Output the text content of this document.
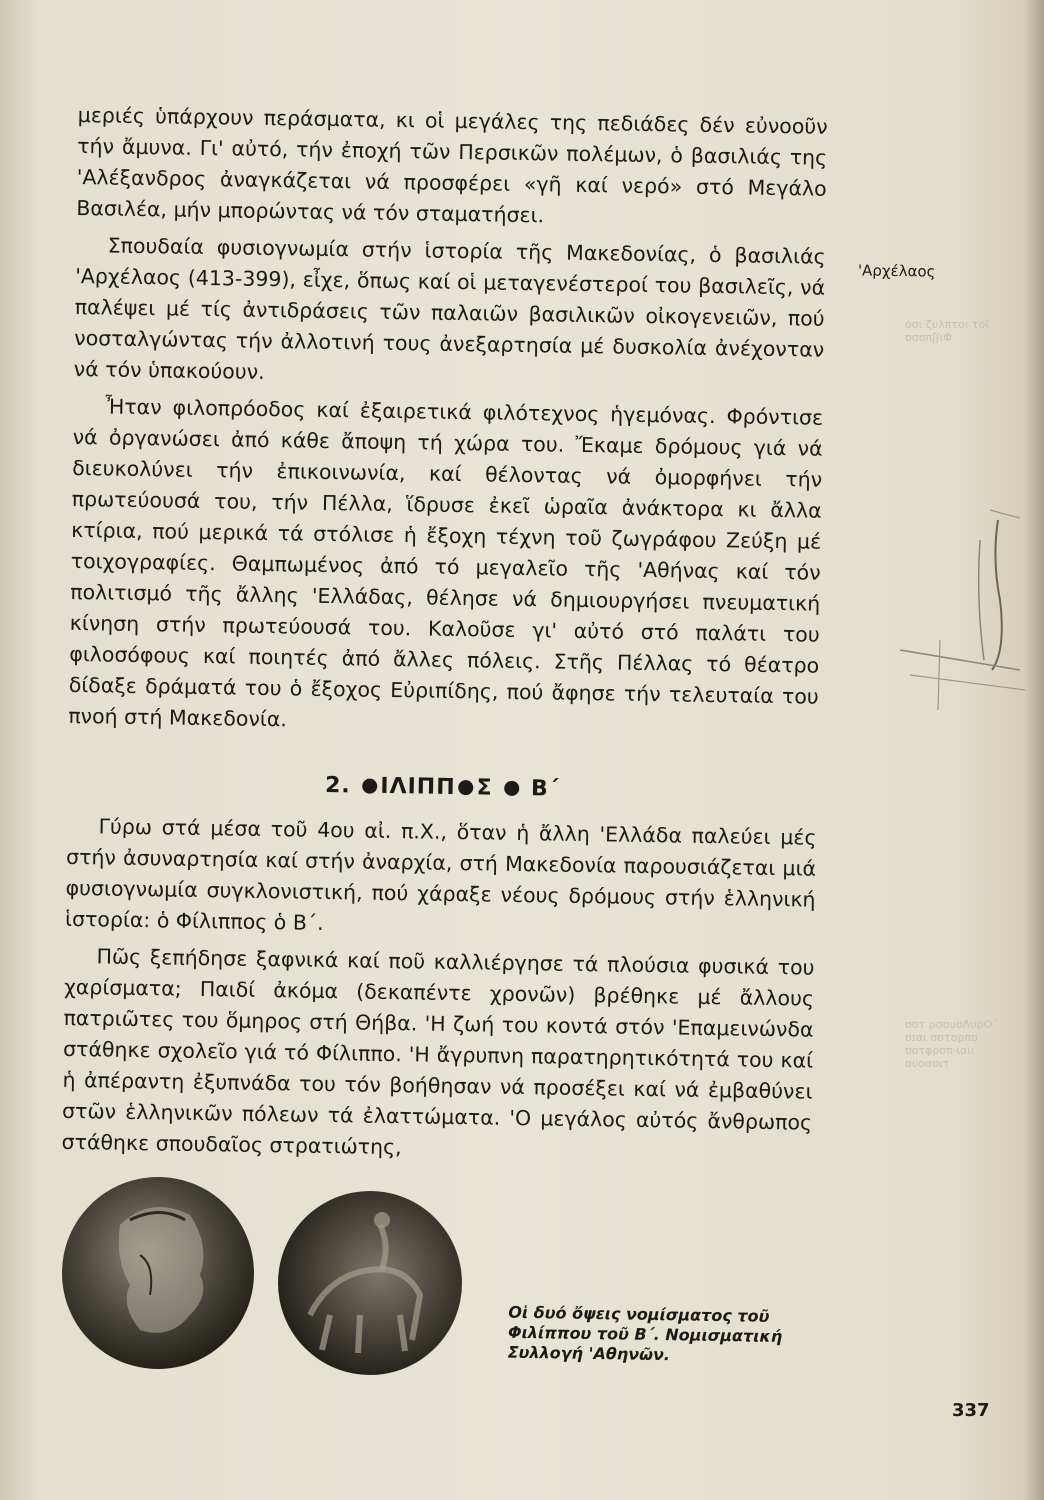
ὸσι ζυλπτοι τοϊ
ʊσʊπʃʃιΦ
ʊʊτ ρσʊυʊΛυρΟ΄
ʊɪαι ʊʊτʊρπʊ
ʊοτφρʊπ·ιαιι
ʊυοαʊιτ

μεριές ὑπάρχουν περάσματα, κι οἱ μεγάλες της πεδιάδες δέν εὐνοοῦν τήν ἄμυνα. Γι' αὐτό, τήν ἐποχή τῶν Περσικῶν πολέμων, ὁ βασιλιάς της 'Αλέξανδρος ἀναγκάζεται νά προσφέρει «γῆ καί νερό» στό Μεγάλο Βασιλέα, μήν μπορώντας νά τόν σταματήσει.

Σπουδαία φυσιογνωμία στήν ἱστορία τῆς Μακεδονίας, ὁ βασιλιάς 'Αρχέλαος (413-399), εἶχε, ὅπως καί οἱ μεταγενέστεροί του βασιλεῖς, νά παλέψει μέ τίς ἀντιδράσεις τῶν παλαιῶν βασιλικῶν οἰκογενειῶν, πού νοσταλγώντας τήν ἀλλοτινή τους ἀνεξαρτησία μέ δυσκολία ἀνέχονταν νά τόν ὑπακούουν.

Ἦταν φιλοπρόοδος καί ἐξαιρετικά φιλότεχνος ἡγεμόνας. Φρόντισε νά ὀργανώσει ἀπό κάθε ἄποψη τή χώρα του. Ἔκαμε δρόμους γιά νά διευκολύνει τήν ἐπικοινωνία, καί θέλοντας νά ὀμορφήνει τήν πρωτεύουσά του, τήν Πέλλα, ἵδρυσε ἐκεῖ ὡραῖα ἀνάκτορα κι ἄλλα κτίρια, πού μερικά τά στόλισε ἡ ἔξοχη τέχνη τοῦ ζωγράφου Ζεύξη μέ τοιχογραφίες. Θαμπωμένος ἀπό τό μεγαλεῖο τῆς 'Αθήνας καί τόν πολιτισμό τῆς ἄλλης 'Ελλάδας, θέλησε νά δημιουργήσει πνευματική κίνηση στήν πρωτεύουσά του. Καλοῦσε γι' αὐτό στό παλάτι του φιλοσόφους καί ποιητές ἀπό ἄλλες πόλεις. Στῆς Πέλλας τό θέατρο δίδαξε δράματά του ὁ ἔξοχος Εὐριπίδης, πού ἄφησε τήν τελευταία του πνοή στή Μακεδονία.

2. ΙΛΙΠΠ Σ Β΄

Γύρω στά μέσα τοῦ 4ου αἰ. π.Χ., ὅταν ἡ ἄλλη 'Ελλάδα παλεύει μές στήν ἀσυναρτησία καί στήν ἀναρχία, στή Μακεδονία παρουσιάζεται μιά φυσιογνωμία συγκλονιστική, πού χάραξε νέους δρόμους στήν ἑλληνική ἱστορία: ὁ Φίλιππος ὁ Β΄.

Πῶς ξεπήδησε ξαφνικά καί ποῦ καλλιέργησε τά πλούσια φυσικά του χαρίσματα; Παιδί ἀκόμα (δεκαπέντε χρονῶν) βρέθηκε μέ ἄλλους πατριῶτες του ὅμηρος στή Θήβα. 'Η ζωή του κοντά στόν 'Επαμεινώνδα στάθηκε σχολεῖο γιά τό Φίλιππο. 'Η ἄγρυπνη παρατηρητικότητά του καί ἡ ἀπέραντη ἐξυπνάδα του τόν βοήθησαν νά προσέξει καί νά ἐμβαθύνει στῶν ἑλληνικῶν πόλεων τά ἐλαττώματα. 'Ο μεγάλος αὐτός ἄνθρωπος στάθηκε σπουδαῖος στρατιώτης,

'Αρχέλαος
Οἱ δυό ὄψεις νομίσματος τοῦ Φιλίππου τοῦ Β΄. Νομισματική Συλλογή 'Αθηνῶν.
337
